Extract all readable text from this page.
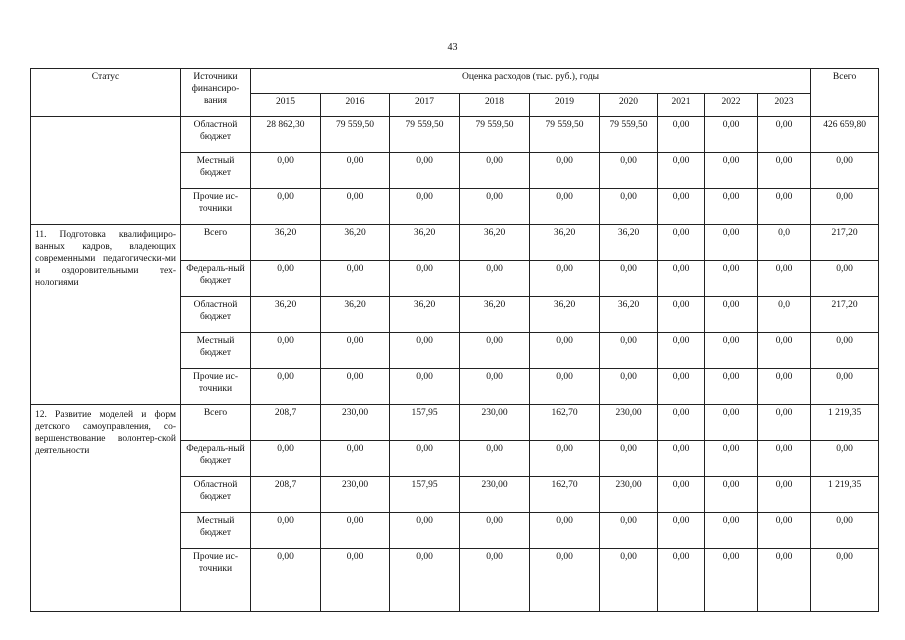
43
Статус	Источники финансиро-вания	Оценка расходов (тыс. руб.), годы									Всего
		2015	2016	2017	2018	2019	2020	2021	2022	2023	
	Областной бюджет	28 862,30	79 559,50	79 559,50	79 559,50	79 559,50	79 559,50	0,00	0,00	0,00	426 659,80
	Местный бюджет	0,00	0,00	0,00	0,00	0,00	0,00	0,00	0,00	0,00	0,00
	Прочие ис-точники	0,00	0,00	0,00	0,00	0,00	0,00	0,00	0,00	0,00	0,00
11. Подготовка квалифициро-ванных кадров, владеющих современными педагогически-ми и оздоровительными тех-нологиями	Всего	36,20	36,20	36,20	36,20	36,20	36,20	0,00	0,00	0,0	217,20
	Федераль-ный бюджет	0,00	0,00	0,00	0,00	0,00	0,00	0,00	0,00	0,00	0,00
	Областной бюджет	36,20	36,20	36,20	36,20	36,20	36,20	0,00	0,00	0,0	217,20
	Местный бюджет	0,00	0,00	0,00	0,00	0,00	0,00	0,00	0,00	0,00	0,00
	Прочие ис-точники	0,00	0,00	0,00	0,00	0,00	0,00	0,00	0,00	0,00	0,00
12. Развитие моделей и форм детского самоуправления, со-вершенствование волонтер-ской деятельности	Всего	208,7	230,00	157,95	230,00	162,70	230,00	0,00	0,00	0,00	1 219,35
	Федераль-ный бюджет	0,00	0,00	0,00	0,00	0,00	0,00	0,00	0,00	0,00	0,00
	Областной бюджет	208,7	230,00	157,95	230,00	162,70	230,00	0,00	0,00	0,00	1 219,35
	Местный бюджет	0,00	0,00	0,00	0,00	0,00	0,00	0,00	0,00	0,00	0,00
	Прочие ис-точники	0,00	0,00	0,00	0,00	0,00	0,00	0,00	0,00	0,00	0,00
